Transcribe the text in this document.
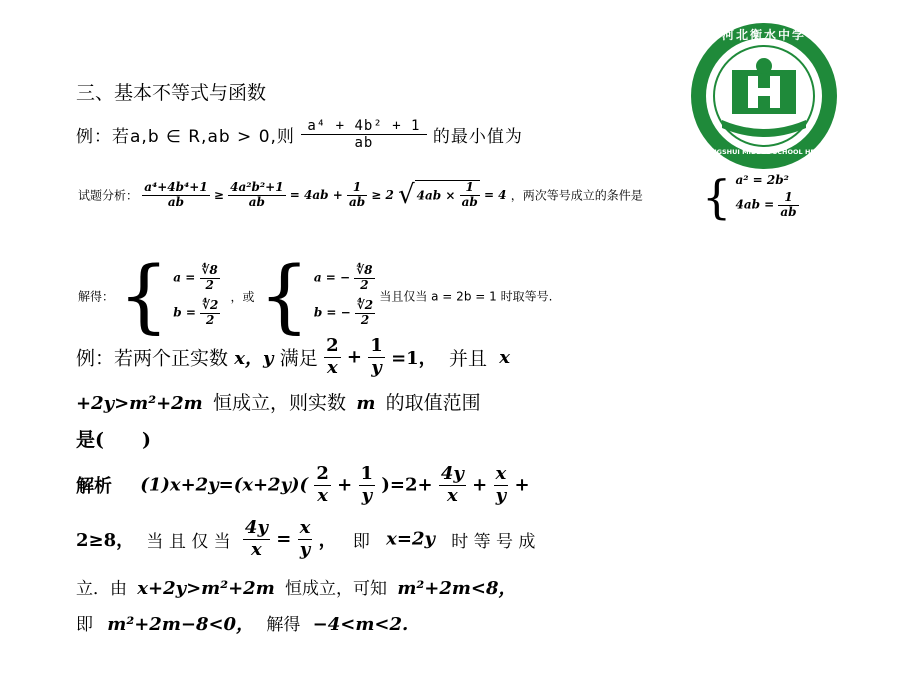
河北衡水中学
HENGSHUI MIDDLE SCHOOL HEBEI
三、基本不等式与函数
例：若a,b ∈ R,ab > 0,则 $\frac{\text{a⁴ + 4b² + 1}}{ab}$ 的最小值为
试题分析： $\frac{\text{a⁴+4b⁴+1}}{ab} \ge \frac{\text{4a²b²+1}}{ab} = 4ab + \frac{1}{ab} \ge 2$ √ $4ab \times \frac{1}{ab} = 4$ ，两次等号成立的条件是 { a² = 2b²
$4ab = \frac{1}{ab}$
解得： { $a = \frac{∜8}{2}$
$b = \frac{∜2}{2}$
，或 { a = − $\frac{∜8}{2}$
b = − $\frac{∜2}{2}$
当且仅当 a = 2b = 1 时取等号.
例：若两个正实数 x，y 满足 $\frac{2}{x} + \frac{1}{y} =1$， 并且 x
+2y>m²+2m 恒成立，则实数 m 的取值范围
是(　　)
解析 $(1)x+2y=(x+2y)( \frac{2}{x} + \frac{1}{y} )=2+ \frac{4y}{x} + \frac{x}{y}$ +
2≥8， 当 且 仅 当 $\frac{4y}{x} = \frac{x}{y}$ ， 即 x=2y 时 等 号 成
立．由 x+2y>m²+2m 恒成立，可知 m²+2m<8，
即 m²+2m−8<0， 解得 −4<m<2.
